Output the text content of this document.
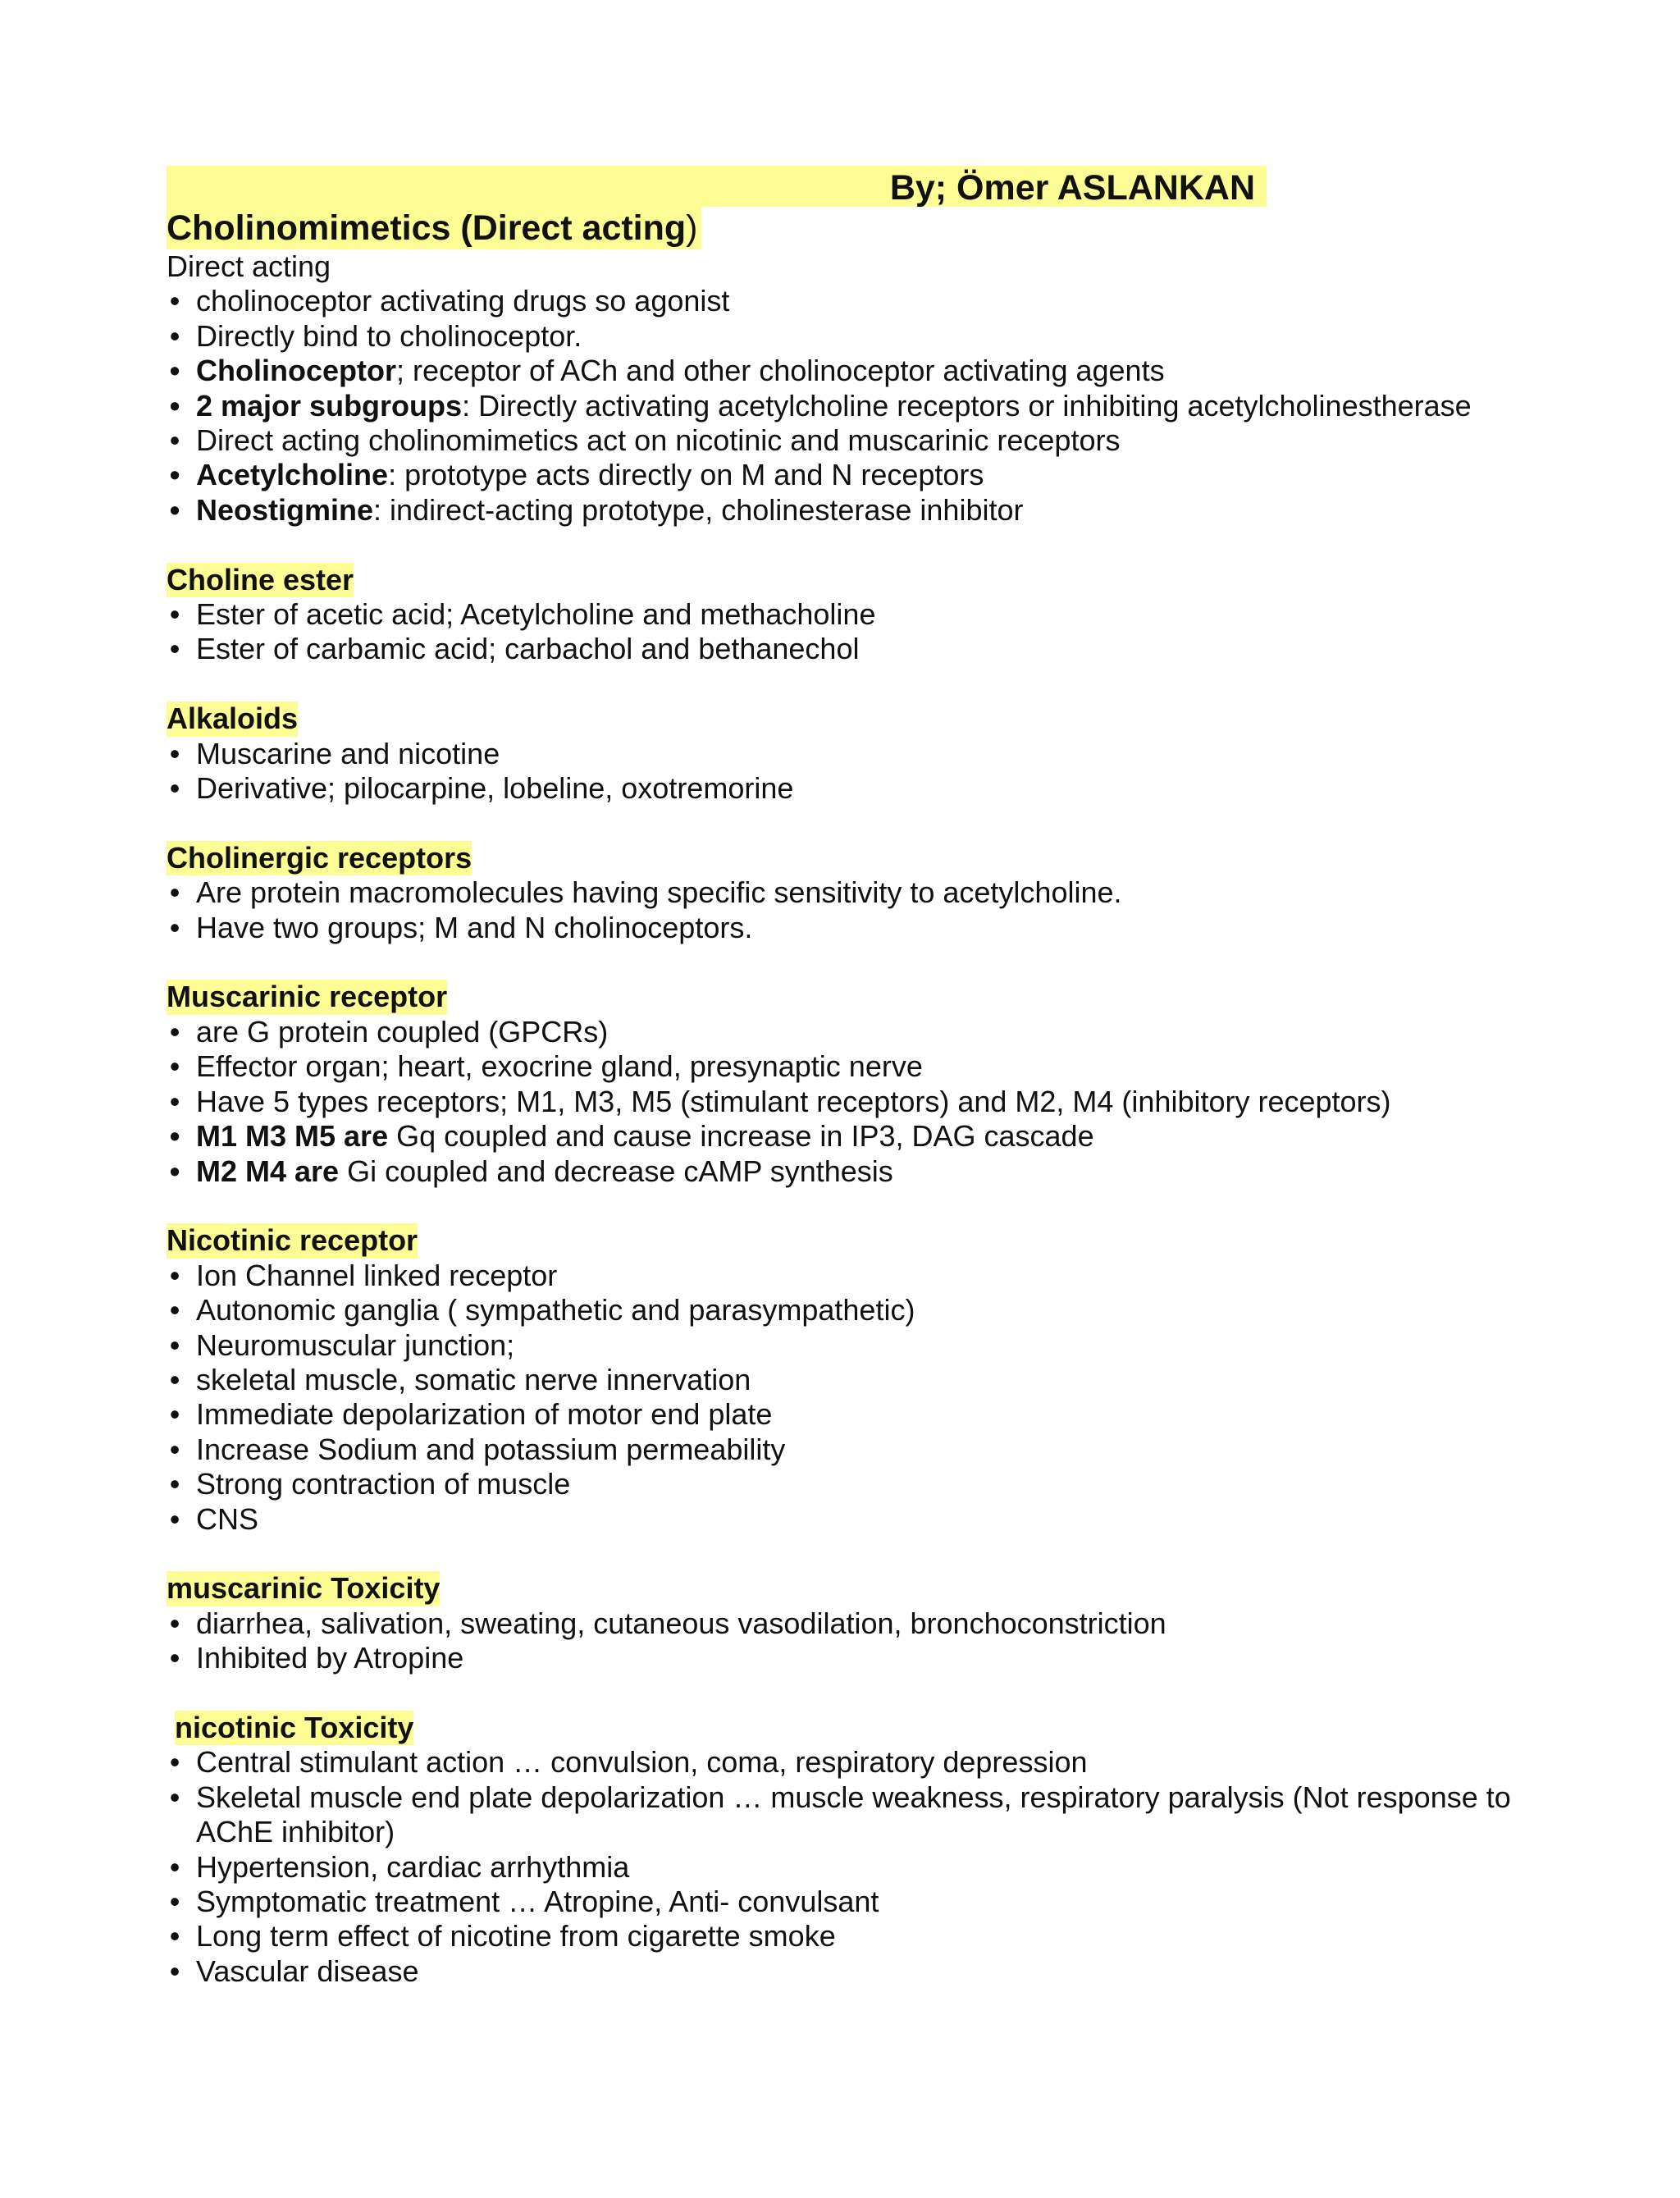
By; Ömer ASLANKAN
Cholinomimetics (Direct acting)
Direct acting
• cholinoceptor activating drugs so agonist
• Directly bind to cholinoceptor.
• Cholinoceptor; receptor of ACh and other cholinoceptor activating agents
• 2 major subgroups: Directly activating acetylcholine receptors or inhibiting acetylcholinestherase
• Direct acting cholinomimetics act on nicotinic and muscarinic receptors
• Acetylcholine: prototype acts directly on M and N receptors
• Neostigmine: indirect-acting prototype, cholinesterase inhibitor
Choline ester
• Ester of acetic acid; Acetylcholine and methacholine
• Ester of carbamic acid; carbachol and bethanechol
Alkaloids
• Muscarine and nicotine
• Derivative; pilocarpine, lobeline, oxotremorine
Cholinergic receptors
• Are protein macromolecules having specific sensitivity to acetylcholine.
• Have two groups; M and N cholinoceptors.
Muscarinic receptor
• are G protein coupled (GPCRs)
• Effector organ; heart, exocrine gland, presynaptic nerve
• Have 5 types receptors; M1, M3, M5 (stimulant receptors) and M2, M4 (inhibitory receptors)
• M1 M3 M5 are Gq coupled and cause increase in IP3, DAG cascade
• M2 M4 are Gi coupled and decrease cAMP synthesis
Nicotinic receptor
• Ion Channel linked receptor
• Autonomic ganglia ( sympathetic and parasympathetic)
• Neuromuscular junction;
• skeletal muscle, somatic nerve innervation
• Immediate depolarization of motor end plate
• Increase Sodium and potassium permeability
• Strong contraction of muscle
• CNS
muscarinic Toxicity
• diarrhea, salivation, sweating, cutaneous vasodilation, bronchoconstriction
• Inhibited by Atropine
nicotinic Toxicity
• Central stimulant action … convulsion, coma, respiratory depression
• Skeletal muscle end plate depolarization … muscle weakness, respiratory paralysis (Not response to AChE inhibitor)
• Hypertension, cardiac arrhythmia
• Symptomatic treatment … Atropine, Anti- convulsant
• Long term effect of nicotine from cigarette smoke
• Vascular disease
